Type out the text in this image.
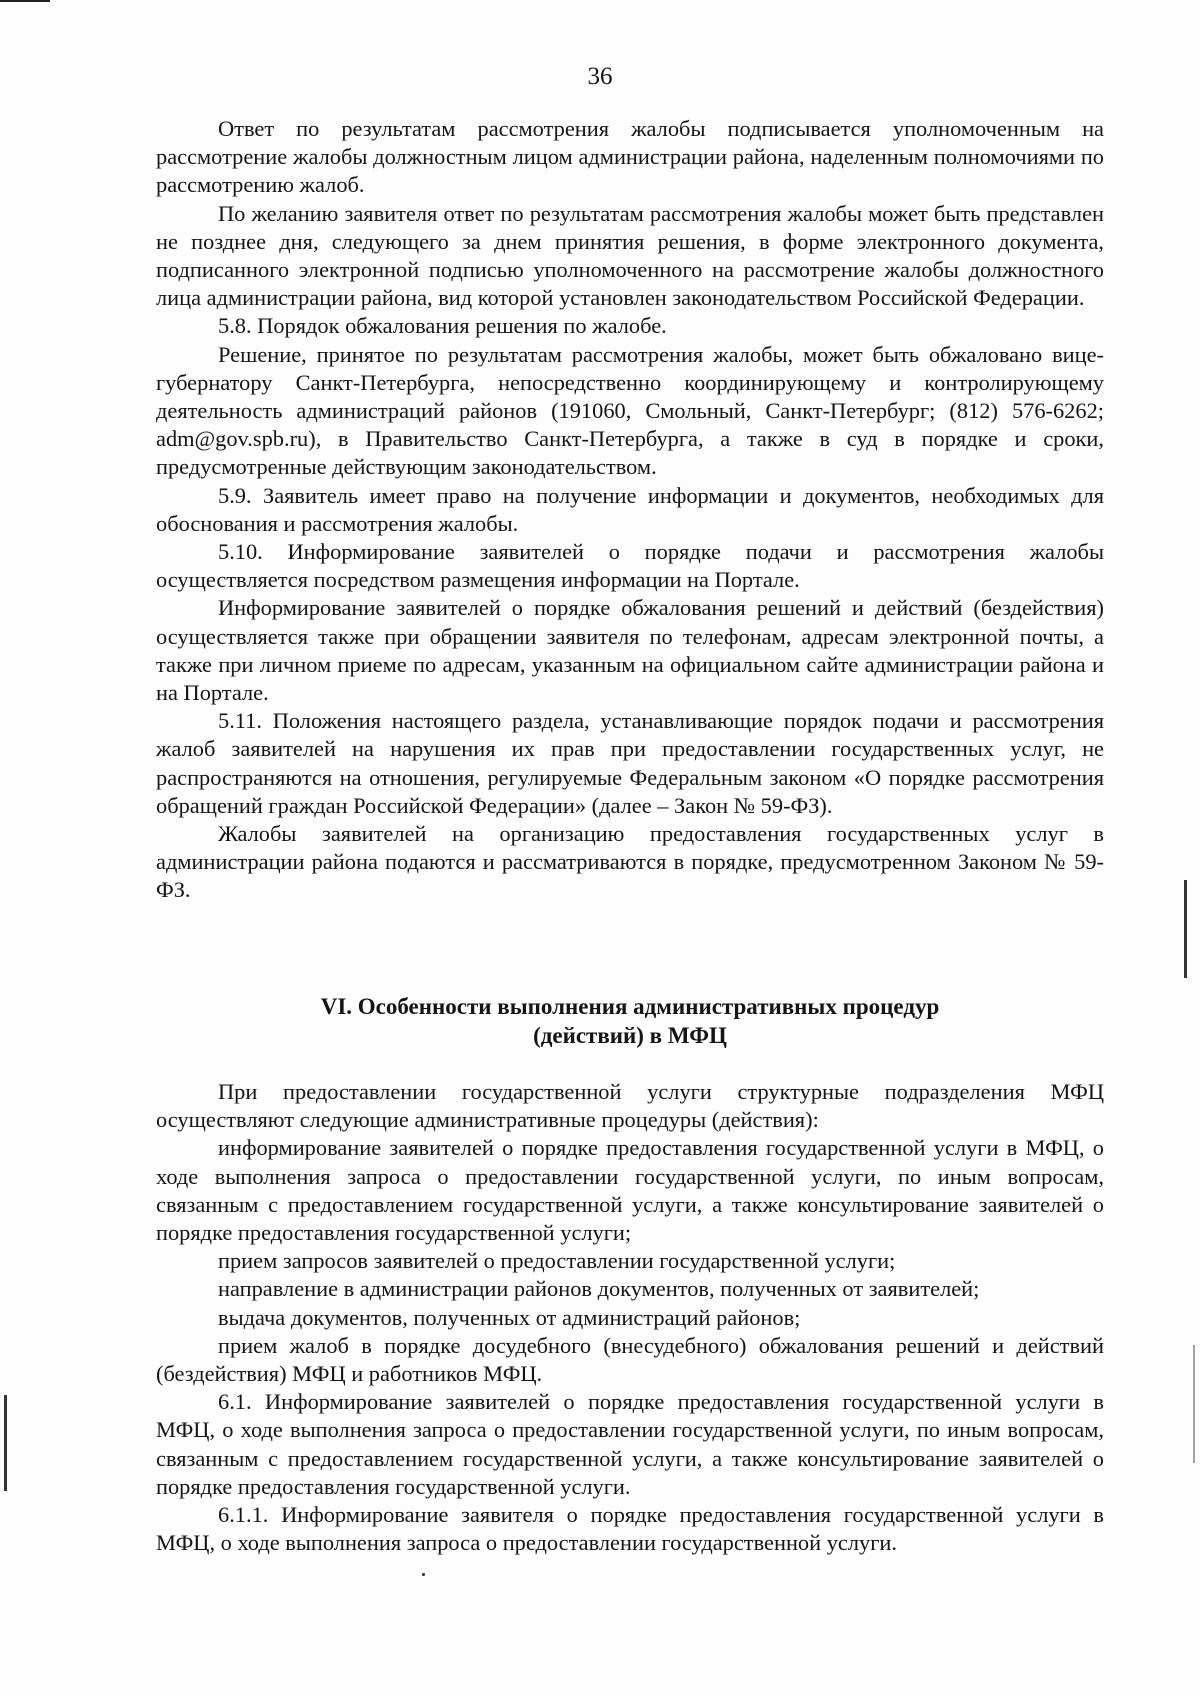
36

Ответ по результатам рассмотрения жалобы подписывается уполномоченным на рассмотрение жалобы должностным лицом администрации района, наделенным полномочиями по рассмотрению жалоб.

По желанию заявителя ответ по результатам рассмотрения жалобы может быть представлен не позднее дня, следующего за днем принятия решения, в форме электронного документа, подписанного электронной подписью уполномоченного на рассмотрение жалобы должностного лица администрации района, вид которой установлен законодательством Российской Федерации.

5.8. Порядок обжалования решения по жалобе.

Решение, принятое по результатам рассмотрения жалобы, может быть обжаловано вице-губернатору Санкт-Петербурга, непосредственно координирующему и контролирующему деятельность администраций районов (191060, Смольный, Санкт-Петербург; (812) 576-6262; adm@gov.spb.ru), в Правительство Санкт-Петербурга, а также в суд в порядке и сроки, предусмотренные действующим законодательством.

5.9. Заявитель имеет право на получение информации и документов, необходимых для обоснования и рассмотрения жалобы.

5.10. Информирование заявителей о порядке подачи и рассмотрения жалобы осуществляется посредством размещения информации на Портале.

Информирование заявителей о порядке обжалования решений и действий (бездействия) осуществляется также при обращении заявителя по телефонам, адресам электронной почты, а также при личном приеме по адресам, указанным на официальном сайте администрации района и на Портале.

5.11. Положения настоящего раздела, устанавливающие порядок подачи и рассмотрения жалоб заявителей на нарушения их прав при предоставлении государственных услуг, не распространяются на отношения, регулируемые Федеральным законом «О порядке рассмотрения обращений граждан Российской Федерации» (далее – Закон № 59-ФЗ).

Жалобы заявителей на организацию предоставления государственных услуг в администрации района подаются и рассматриваются в порядке, предусмотренном Законом № 59-ФЗ.

VI. Особенности выполнения административных процедур
(действий) в МФЦ

При предоставлении государственной услуги структурные подразделения МФЦ осуществляют следующие административные процедуры (действия):

информирование заявителей о порядке предоставления государственной услуги в МФЦ, о ходе выполнения запроса о предоставлении государственной услуги, по иным вопросам, связанным с предоставлением государственной услуги, а также консультирование заявителей о порядке предоставления государственной услуги;

прием запросов заявителей о предоставлении государственной услуги;

направление в администрации районов документов, полученных от заявителей;

выдача документов, полученных от администраций районов;

прием жалоб в порядке досудебного (внесудебного) обжалования решений и действий (бездействия) МФЦ и работников МФЦ.

6.1. Информирование заявителей о порядке предоставления государственной услуги в МФЦ, о ходе выполнения запроса о предоставлении государственной услуги, по иным вопросам, связанным с предоставлением государственной услуги, а также консультирование заявителей о порядке предоставления государственной услуги.

6.1.1. Информирование заявителя о порядке предоставления государственной услуги в МФЦ, о ходе выполнения запроса о предоставлении государственной услуги.
